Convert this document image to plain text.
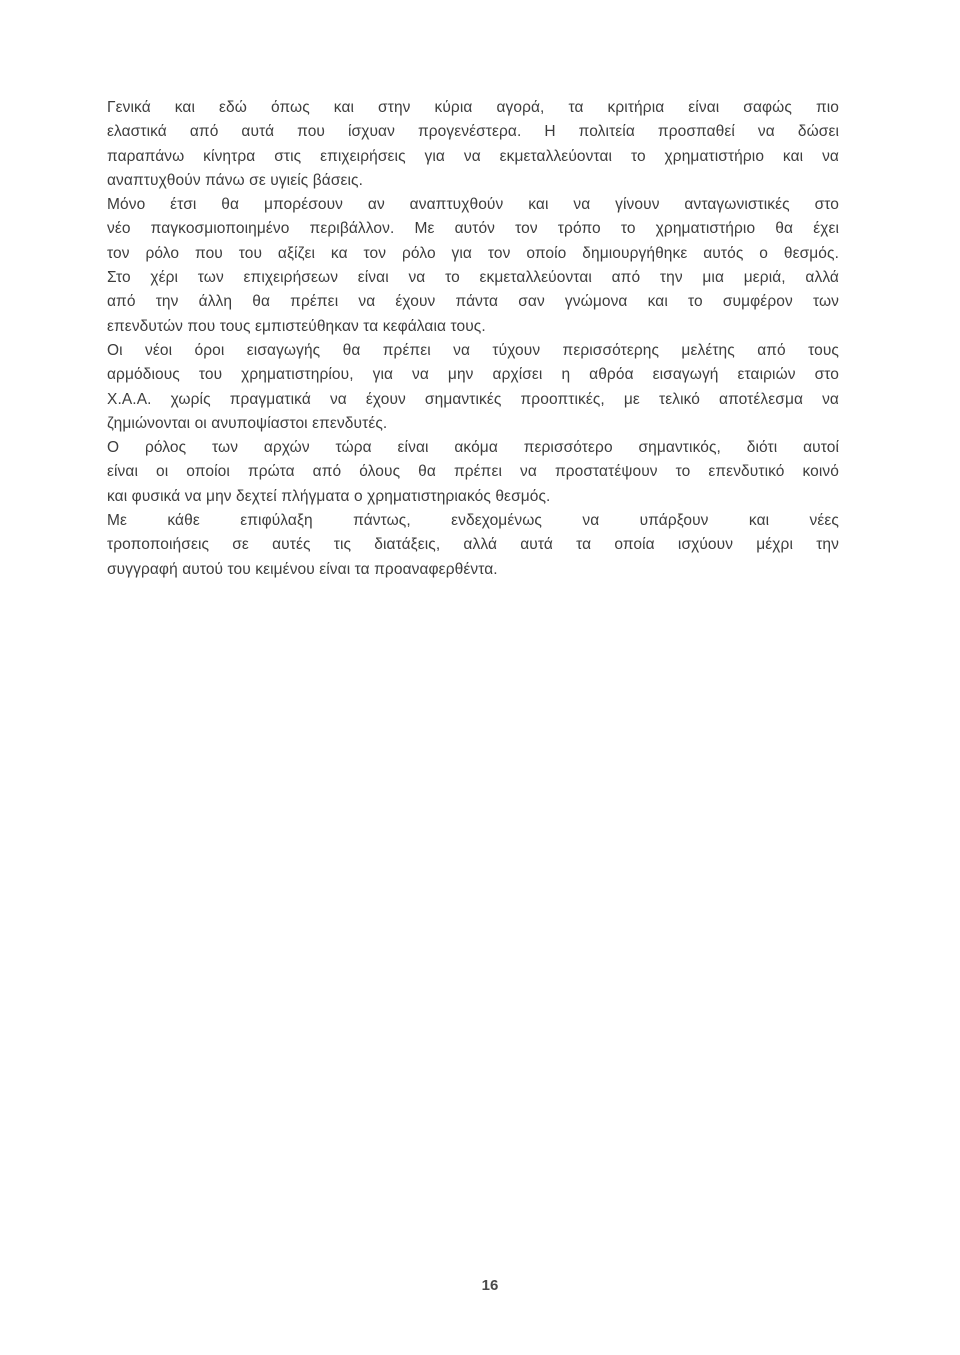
Γενικά και εδώ όπως και στην κύρια αγορά, τα κριτήρια είναι σαφώς πιο
ελαστικά από αυτά που ίσχυαν προγενέστερα. Η πολιτεία προσπαθεί να δώσει
παραπάνω κίνητρα στις επιχειρήσεις για να εκμεταλλεύονται το χρηματιστήριο και να
αναπτυχθούν πάνω σε υγιείς βάσεις.
Μόνο έτσι θα μπορέσουν αν αναπτυχθούν και να γίνουν ανταγωνιστικές στο
νέο παγκοσμιοποιημένο περιβάλλον. Με αυτόν τον τρόπο το χρηματιστήριο θα έχει
τον ρόλο που του αξίζει κα τον ρόλο για τον οποίο δημιουργήθηκε αυτός ο θεσμός.
Στο χέρι των επιχειρήσεων είναι να το εκμεταλλεύονται από την μια μεριά, αλλά
από την άλλη θα πρέπει να έχουν πάντα σαν γνώμονα και το συμφέρον των
επενδυτών που τους εμπιστεύθηκαν τα κεφάλαια τους.
Οι νέοι όροι εισαγωγής θα πρέπει να τύχουν περισσότερης μελέτης από τους
αρμόδιους του χρηματιστηρίου, για να μην αρχίσει η αθρόα εισαγωγή εταιριών στο
Χ.Α.Α. χωρίς πραγματικά να έχουν σημαντικές προοπτικές, με τελικό αποτέλεσμα να
ζημιώνονται οι ανυποψίαστοι επενδυτές.
Ο ρόλος των αρχών τώρα είναι ακόμα περισσότερο σημαντικός, διότι αυτοί
είναι οι οποίοι πρώτα από όλους θα πρέπει να προστατέψουν το επενδυτικό κοινό
και φυσικά να μην δεχτεί πλήγματα ο χρηματιστηριακός θεσμός.
Με κάθε επιφύλαξη πάντως, ενδεχομένως να υπάρξουν και νέες
τροποποιήσεις σε αυτές τις διατάξεις, αλλά αυτά τα οποία ισχύουν μέχρι την
συγγραφή αυτού του κειμένου είναι τα προαναφερθέντα.
16
